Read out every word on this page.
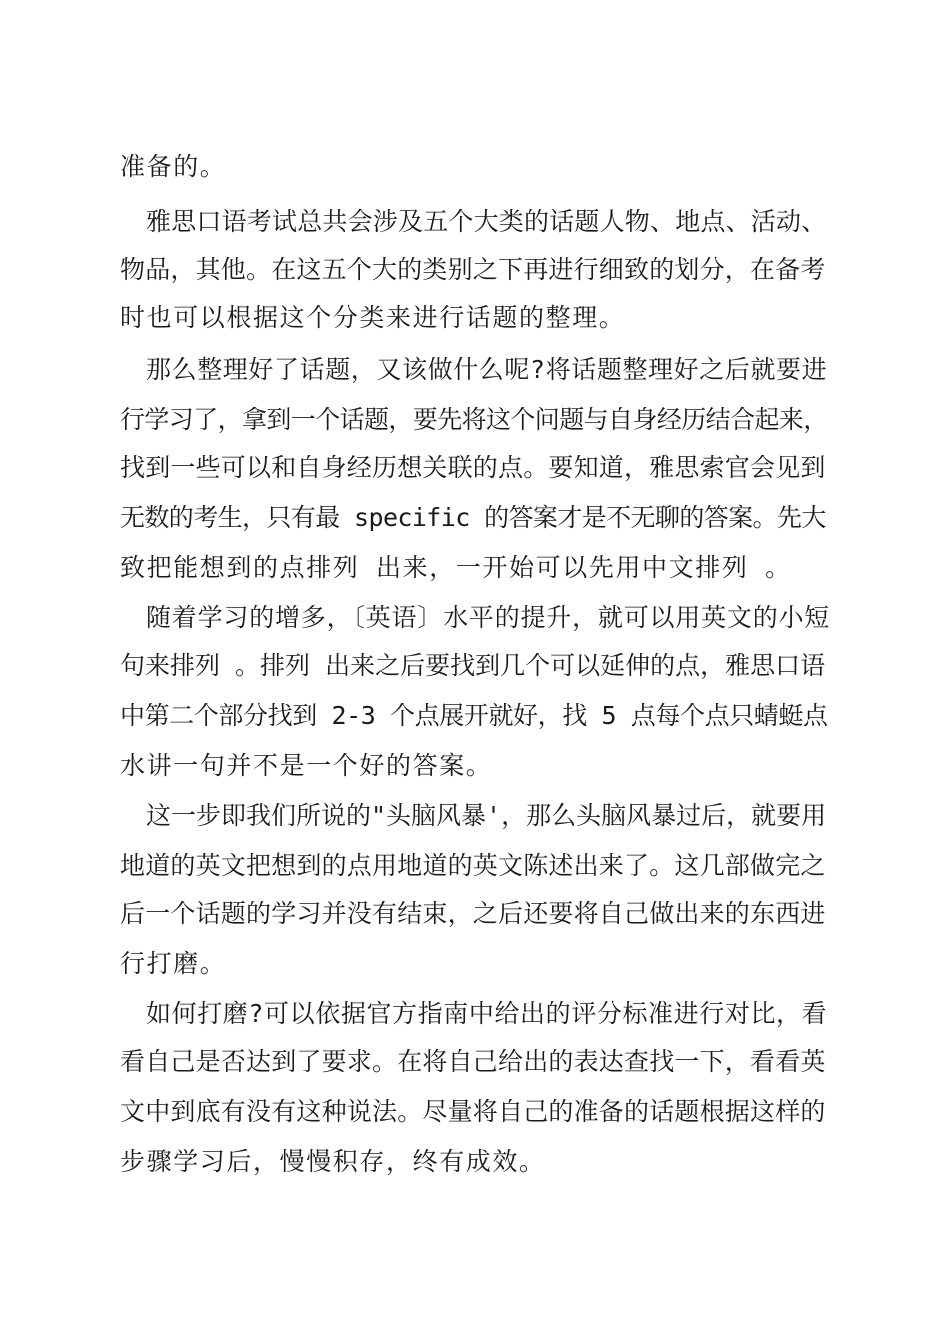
准备的。
雅思口语考试总共会涉及五个大类的话题人物、地点、活动、
物品，其他。在这五个大的类别之下再进行细致的划分，在备考
时也可以根据这个分类来进行话题的整理。
那么整理好了话题，又该做什么呢?将话题整理好之后就要进
行学习了，拿到一个话题，要先将这个问题与自身经历结合起来，
找到一些可以和自身经历想关联的点。要知道，雅思索官会见到
无数的考生，只有最 specific 的答案才是不无聊的答案。先大
致把能想到的点排列 出来，一开始可以先用中文排列 。
随着学习的增多，〔英语〕水平的提升，就可以用英文的小短
句来排列 。排列 出来之后要找到几个可以延伸的点，雅思口语
中第二个部分找到 2-3 个点展开就好，找 5 点每个点只蜻蜓点
水讲一句并不是一个好的答案。
这一步即我们所说的"头脑风暴'，那么头脑风暴过后，就要用
地道的英文把想到的点用地道的英文陈述出来了。这几部做完之
后一个话题的学习并没有结束，之后还要将自己做出来的东西进
行打磨。
如何打磨?可以依据官方指南中给出的评分标准进行对比，看
看自己是否达到了要求。在将自己给出的表达查找一下，看看英
文中到底有没有这种说法。尽量将自己的准备的话题根据这样的
步骤学习后，慢慢积存，终有成效。
